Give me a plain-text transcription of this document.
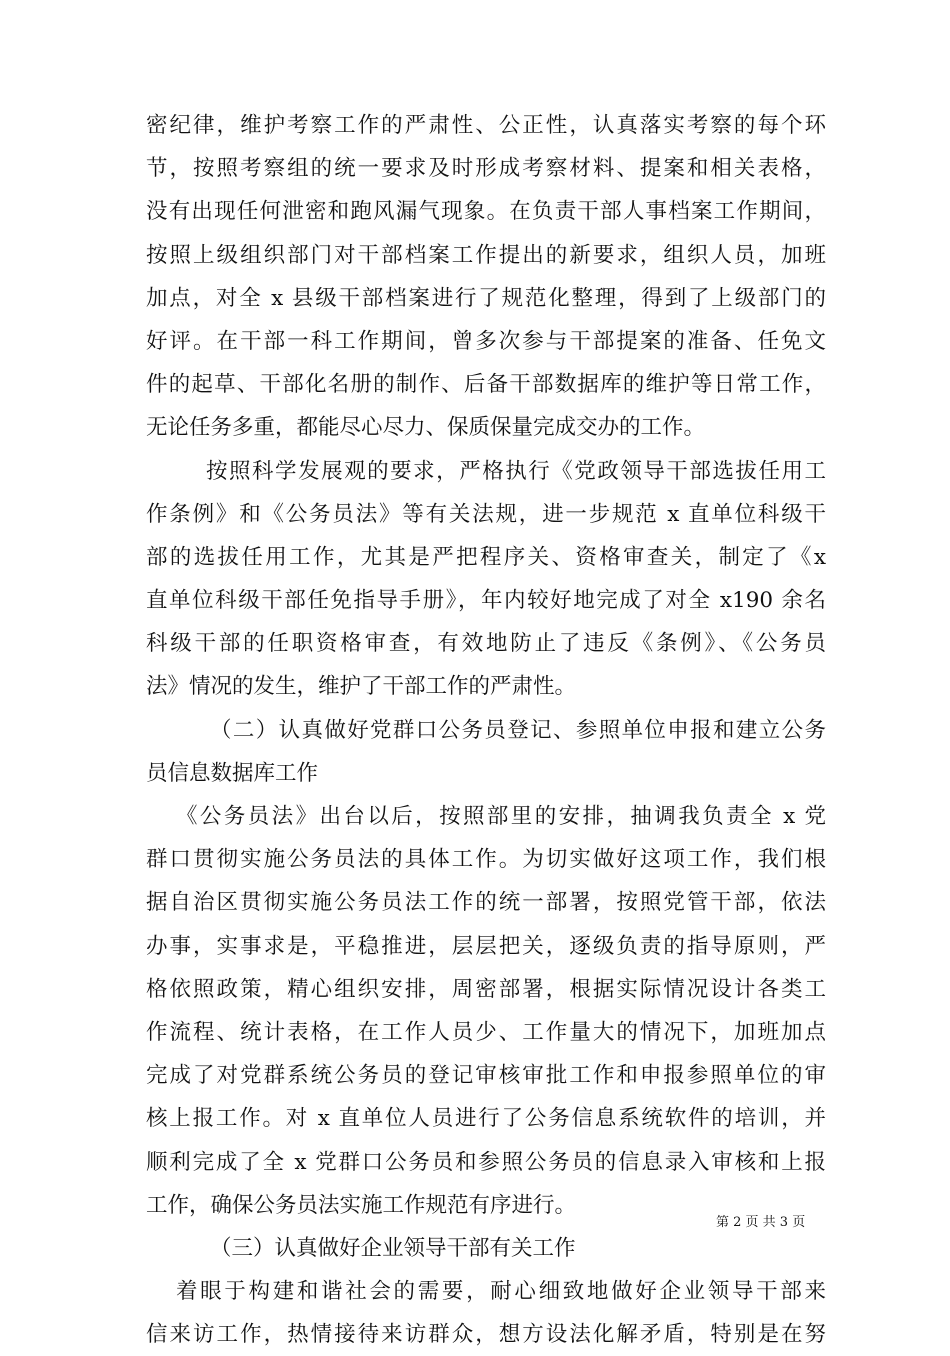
密纪律，维护考察工作的严肃性、公正性，认真落实考察的每个环
节，按照考察组的统一要求及时形成考察材料、提案和相关表格，
没有出现任何泄密和跑风漏气现象。在负责干部人事档案工作期间，
按照上级组织部门对干部档案工作提出的新要求，组织人员，加班
加点，对全 x 县级干部档案进行了规范化整理，得到了上级部门的
好评。在干部一科工作期间，曾多次参与干部提案的准备、任免文
件的起草、干部化名册的制作、后备干部数据库的维护等日常工作，
无论任务多重，都能尽心尽力、保质保量完成交办的工作。
按照科学发展观的要求，严格执行《党政领导干部选拔任用工
作条例》和《公务员法》等有关法规，进一步规范 x 直单位科级干
部的选拔任用工作，尤其是严把程序关、资格审查关，制定了《x
直单位科级干部任免指导手册》，年内较好地完成了对全 x190 余名
科级干部的任职资格审查，有效地防止了违反《条例》、《公务员
法》情况的发生，维护了干部工作的严肃性。
（二）认真做好党群口公务员登记、参照单位申报和建立公务
员信息数据库工作
《公务员法》出台以后，按照部里的安排，抽调我负责全 x 党
群口贯彻实施公务员法的具体工作。为切实做好这项工作，我们根
据自治区贯彻实施公务员法工作的统一部署，按照党管干部，依法
办事，实事求是，平稳推进，层层把关，逐级负责的指导原则，严
格依照政策，精心组织安排，周密部署，根据实际情况设计各类工
作流程、统计表格，在工作人员少、工作量大的情况下，加班加点
完成了对党群系统公务员的登记审核审批工作和申报参照单位的审
核上报工作。对 x 直单位人员进行了公务信息系统软件的培训，并
顺利完成了全 x 党群口公务员和参照公务员的信息录入审核和上报
工作，确保公务员法实施工作规范有序进行。
（三）认真做好企业领导干部有关工作
着眼于构建和谐社会的需要，耐心细致地做好企业领导干部来
信来访工作，热情接待来访群众，想方设法化解矛盾，特别是在努
第 2 页 共 3 页
